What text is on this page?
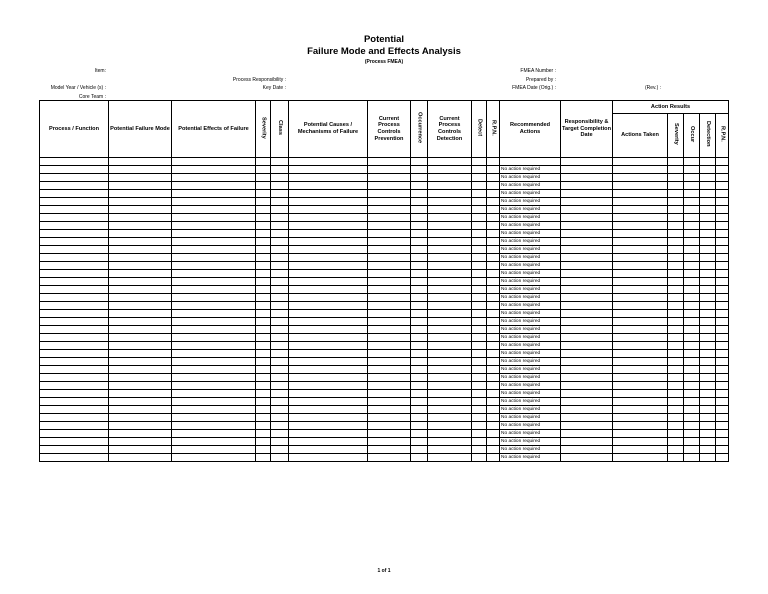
Potential
Failure Mode and Effects Analysis
(Process FMEA)
Item:
Model Year / Vehicle (s) :
Core Team :
Process Responsibility :
Key Date :
FMEA Number :
Prepared by :
FMEA Date (Orig.) :	(Rev.) :
Process / Function	Potential Failure Mode	Potential Effects of Failure	Severity	Class	Potential Causes / Mechanisms of Failure	Current Process Controls Prevention	Occurrence	Current Process Controls Detection	Detect	R.P.N.	Recommended Actions	Responsibility & Target Completion Date	Action Results				
													Actions Taken	Severity	Occur	Detection	R.P.N.

											No action required						
											No action required						
											No action required						
											No action required						
											No action required						
											No action required						
											No action required						
											No action required						
											No action required						
											No action required						
											No action required						
											No action required						
											No action required						
											No action required						
											No action required						
											No action required						
											No action required						
											No action required						
											No action required						
											No action required						
											No action required						
											No action required						
											No action required						
											No action required						
											No action required						
											No action required						
											No action required						
											No action required						
											No action required						
											No action required						
											No action required						
											No action required						
											No action required						
											No action required						
											No action required						
											No action required						
											No action required						
1 of 1
